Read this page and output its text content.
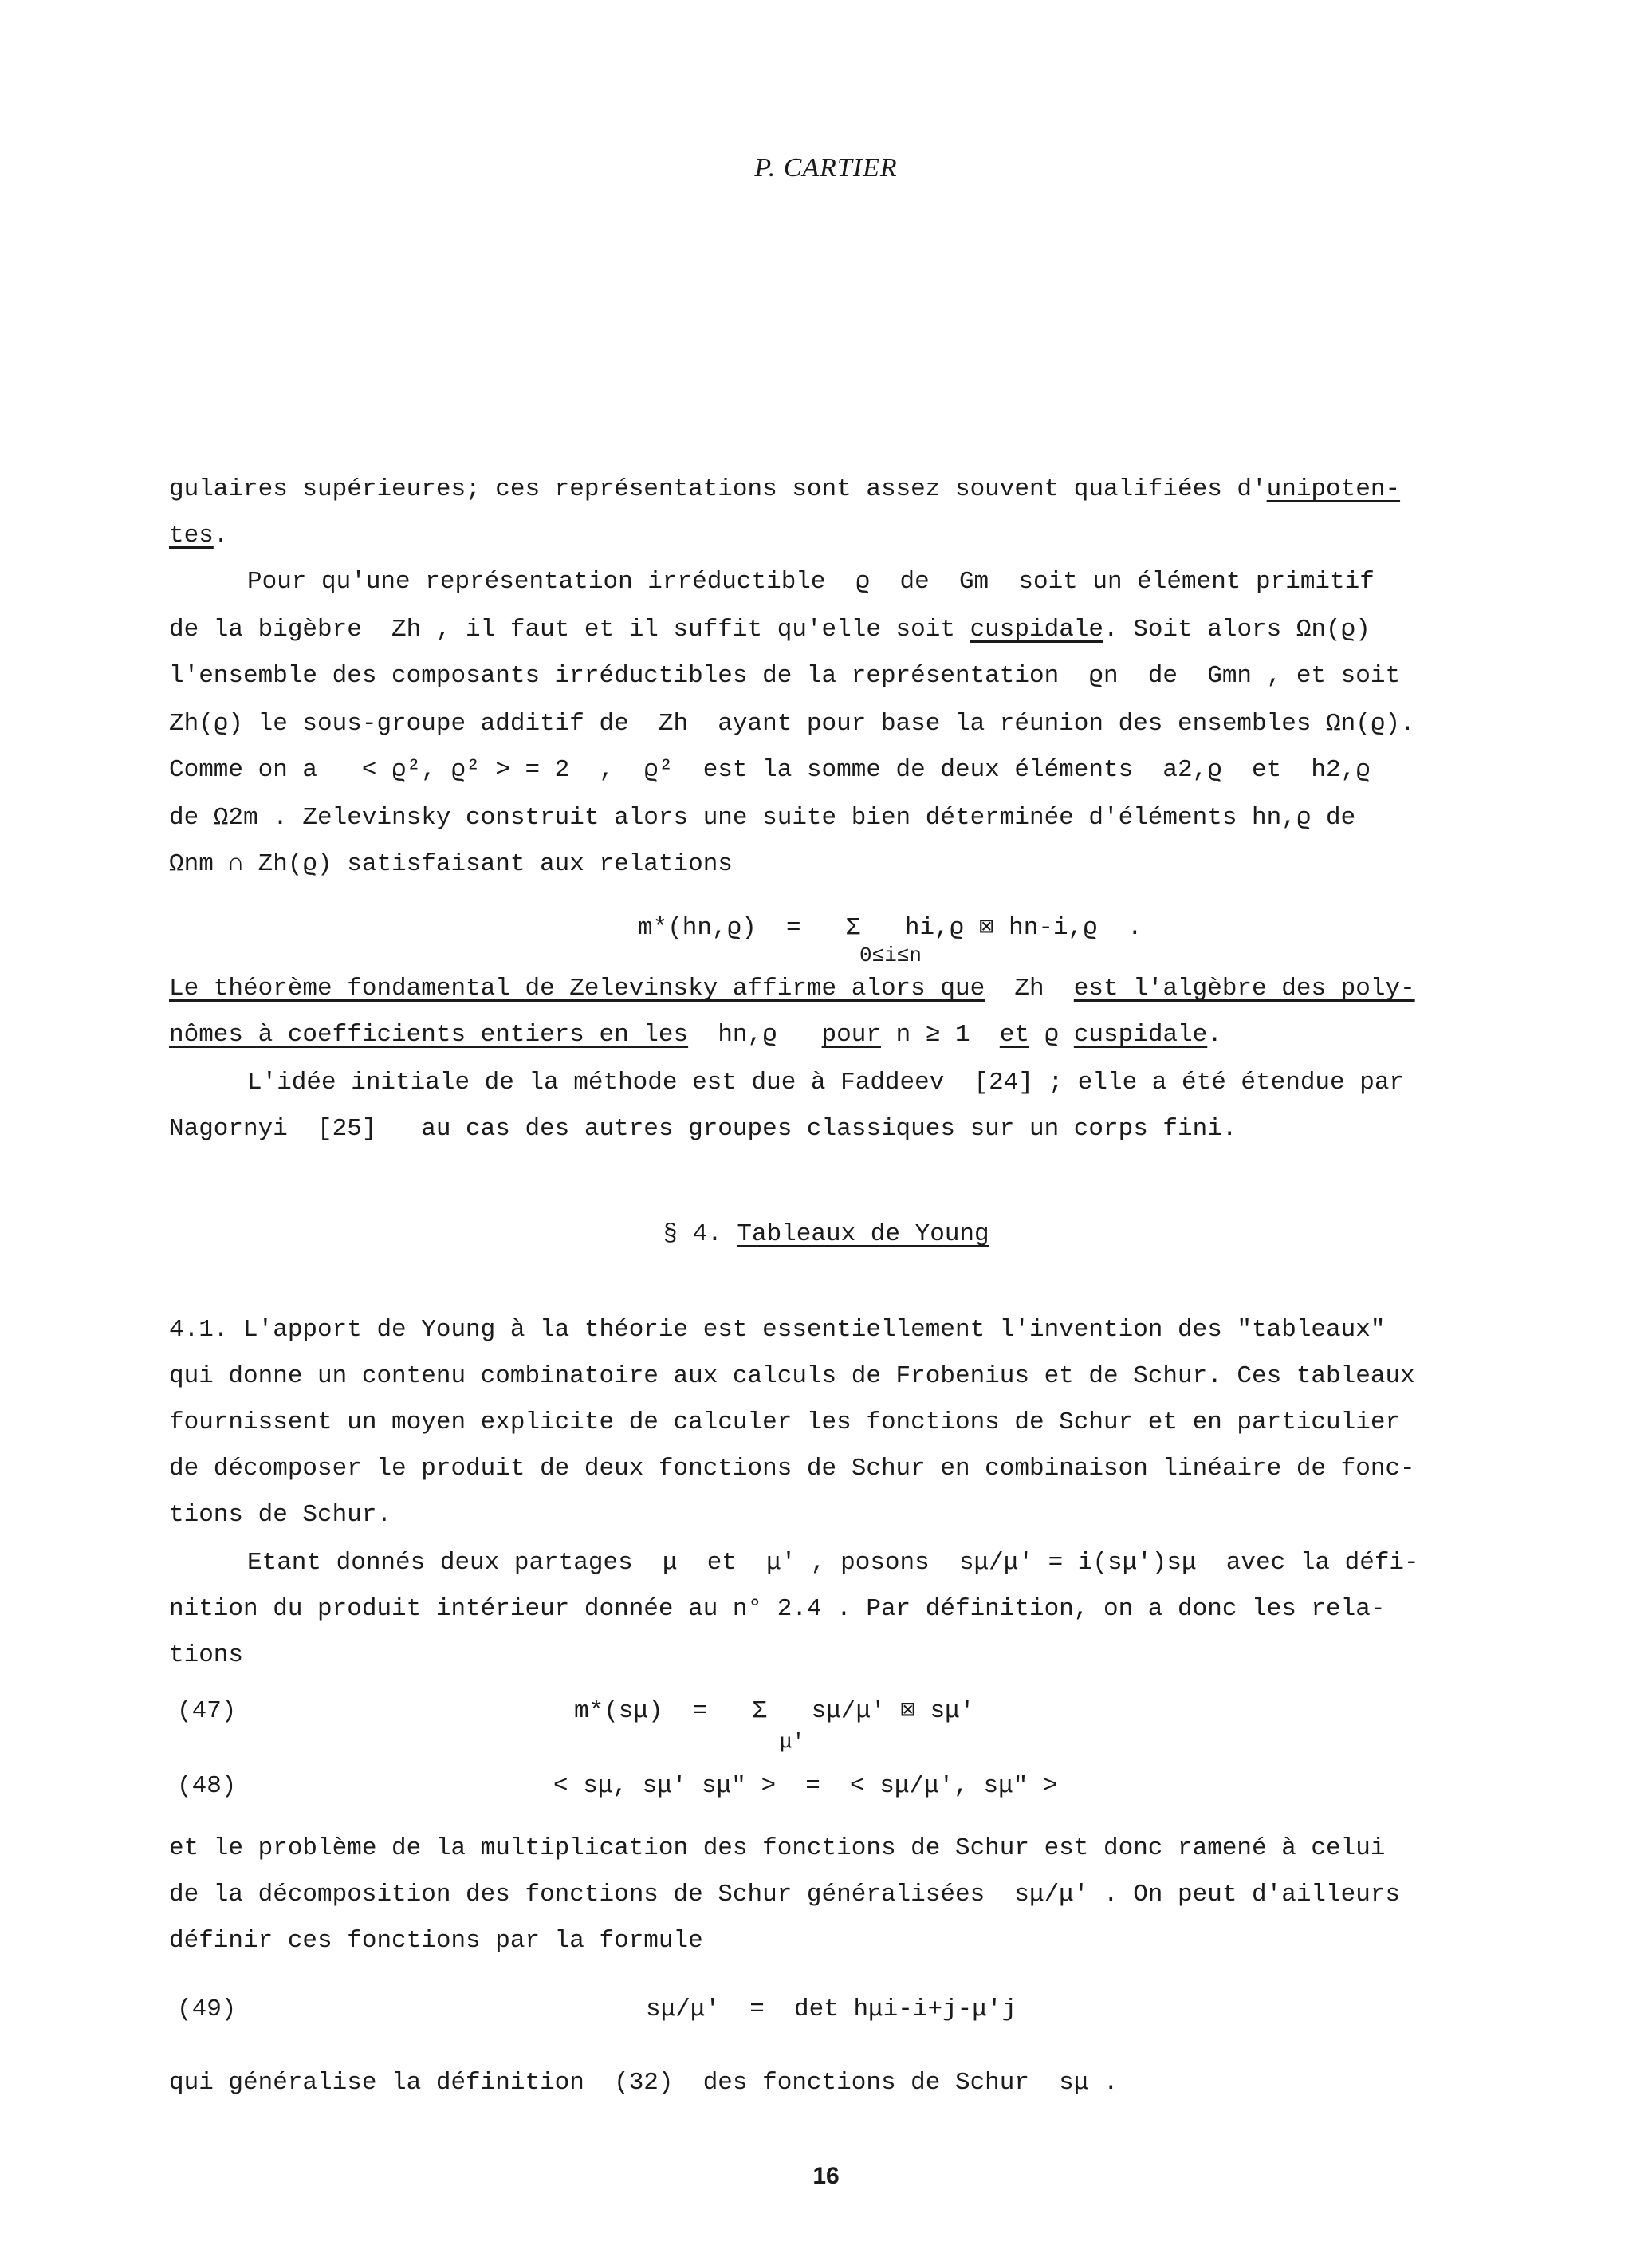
P. CARTIER
gulaires supérieures; ces représentations sont assez souvent qualifiées d'unipoten-
tes.
Pour qu'une représentation irréductible  ϱ  de  Gm  soit un élément primitif
de la bigèbre  Zh , il faut et il suffit qu'elle soit cuspidale. Soit alors Ωn(ϱ)
l'ensemble des composants irréductibles de la représentation  ϱn  de  Gmn , et soit
Zh(ϱ) le sous-groupe additif de  Zh  ayant pour base la réunion des ensembles Ωn(ϱ).
Comme on a   < ϱ², ϱ² > = 2  ,  ϱ²  est la somme de deux éléments  a2,ϱ  et  h2,ϱ
de Ω2m . Zelevinsky construit alors une suite bien déterminée d'éléments hn,ϱ de
Ωnm ∩ Zh(ϱ) satisfaisant aux relations
m*(hn,ϱ)  =   Σ   hi,ϱ ⊠ hn-i,ϱ  .
0≤i≤n
Le théorème fondamental de Zelevinsky affirme alors que  Zh  est l'algèbre des poly-
nômes à coefficients entiers en les  hn,ϱ   pour n ≥ 1  et ϱ cuspidale.
L'idée initiale de la méthode est due à Faddeev  [24] ; elle a été étendue par
Nagornyi  [25]   au cas des autres groupes classiques sur un corps fini.
§ 4. Tableaux de Young
4.1. L'apport de Young à la théorie est essentiellement l'invention des "tableaux"
qui donne un contenu combinatoire aux calculs de Frobenius et de Schur. Ces tableaux
fournissent un moyen explicite de calculer les fonctions de Schur et en particulier
de décomposer le produit de deux fonctions de Schur en combinaison linéaire de fonc-
tions de Schur.
Etant donnés deux partages  μ  et  μ' , posons  sμ/μ' = i(sμ')sμ  avec la défi-
nition du produit intérieur donnée au n° 2.4 . Par définition, on a donc les rela-
tions
(47)	m*(sμ)  =   Σ   sμ/μ' ⊠ sμ'
μ'
(48)	< sμ, sμ' sμ" >  =  < sμ/μ', sμ" >
et le problème de la multiplication des fonctions de Schur est donc ramené à celui
de la décomposition des fonctions de Schur généralisées  sμ/μ' . On peut d'ailleurs
définir ces fonctions par la formule
(49)	sμ/μ'  =  det hμi-i+j-μ'j
qui généralise la définition  (32)  des fonctions de Schur  sμ .
16
